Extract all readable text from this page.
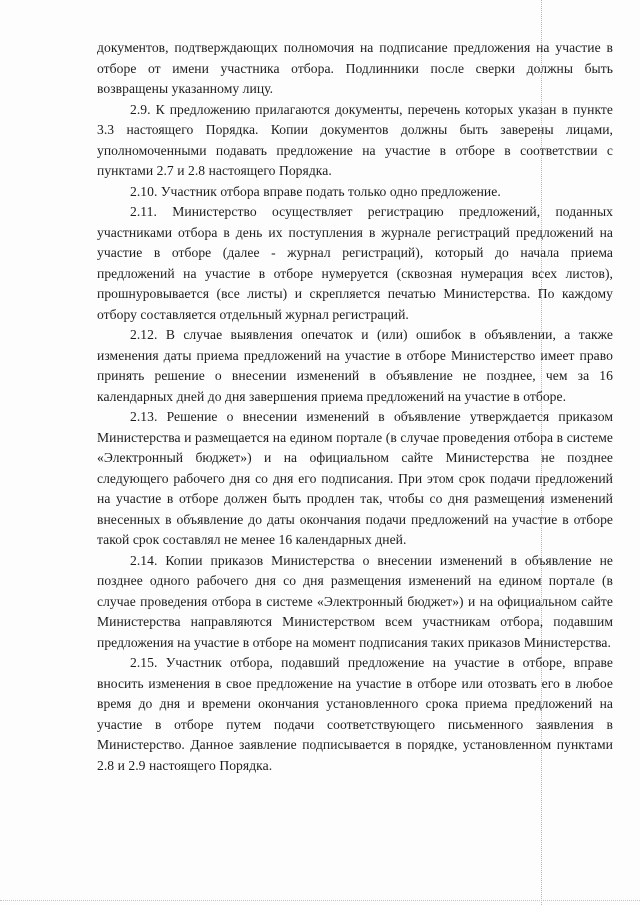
документов, подтверждающих полномочия на подписание предложения на участие в отборе от имени участника отбора. Подлинники после сверки должны быть возвращены указанному лицу.

2.9. К предложению прилагаются документы, перечень которых указан в пункте 3.3 настоящего Порядка. Копии документов должны быть заверены лицами, уполномоченными подавать предложение на участие в отборе в соответствии с пунктами 2.7 и 2.8 настоящего Порядка.

2.10. Участник отбора вправе подать только одно предложение.

2.11. Министерство осуществляет регистрацию предложений, поданных участниками отбора в день их поступления в журнале регистраций предложений на участие в отборе (далее - журнал регистраций), который до начала приема предложений на участие в отборе нумеруется (сквозная нумерация всех листов), прошнуровывается (все листы) и скрепляется печатью Министерства. По каждому отбору составляется отдельный журнал регистраций.

2.12. В случае выявления опечаток и (или) ошибок в объявлении, а также изменения даты приема предложений на участие в отборе Министерство имеет право принять решение о внесении изменений в объявление не позднее, чем за 16 календарных дней до дня завершения приема предложений на участие в отборе.

2.13. Решение о внесении изменений в объявление утверждается приказом Министерства и размещается на едином портале (в случае проведения отбора в системе «Электронный бюджет») и на официальном сайте Министерства не позднее следующего рабочего дня со дня его подписания. При этом срок подачи предложений на участие в отборе должен быть продлен так, чтобы со дня размещения изменений внесенных в объявление до даты окончания подачи предложений на участие в отборе такой срок составлял не менее 16 календарных дней.

2.14. Копии приказов Министерства о внесении изменений в объявление не позднее одного рабочего дня со дня размещения изменений на едином портале (в случае проведения отбора в системе «Электронный бюджет») и на официальном сайте Министерства направляются Министерством всем участникам отбора, подавшим предложения на участие в отборе на момент подписания таких приказов Министерства.

2.15. Участник отбора, подавший предложение на участие в отборе, вправе вносить изменения в свое предложение на участие в отборе или отозвать его в любое время до дня и времени окончания установленного срока приема предложений на участие в отборе путем подачи соответствующего письменного заявления в Министерство. Данное заявление подписывается в порядке, установленном пунктами 2.8 и 2.9 настоящего Порядка.
